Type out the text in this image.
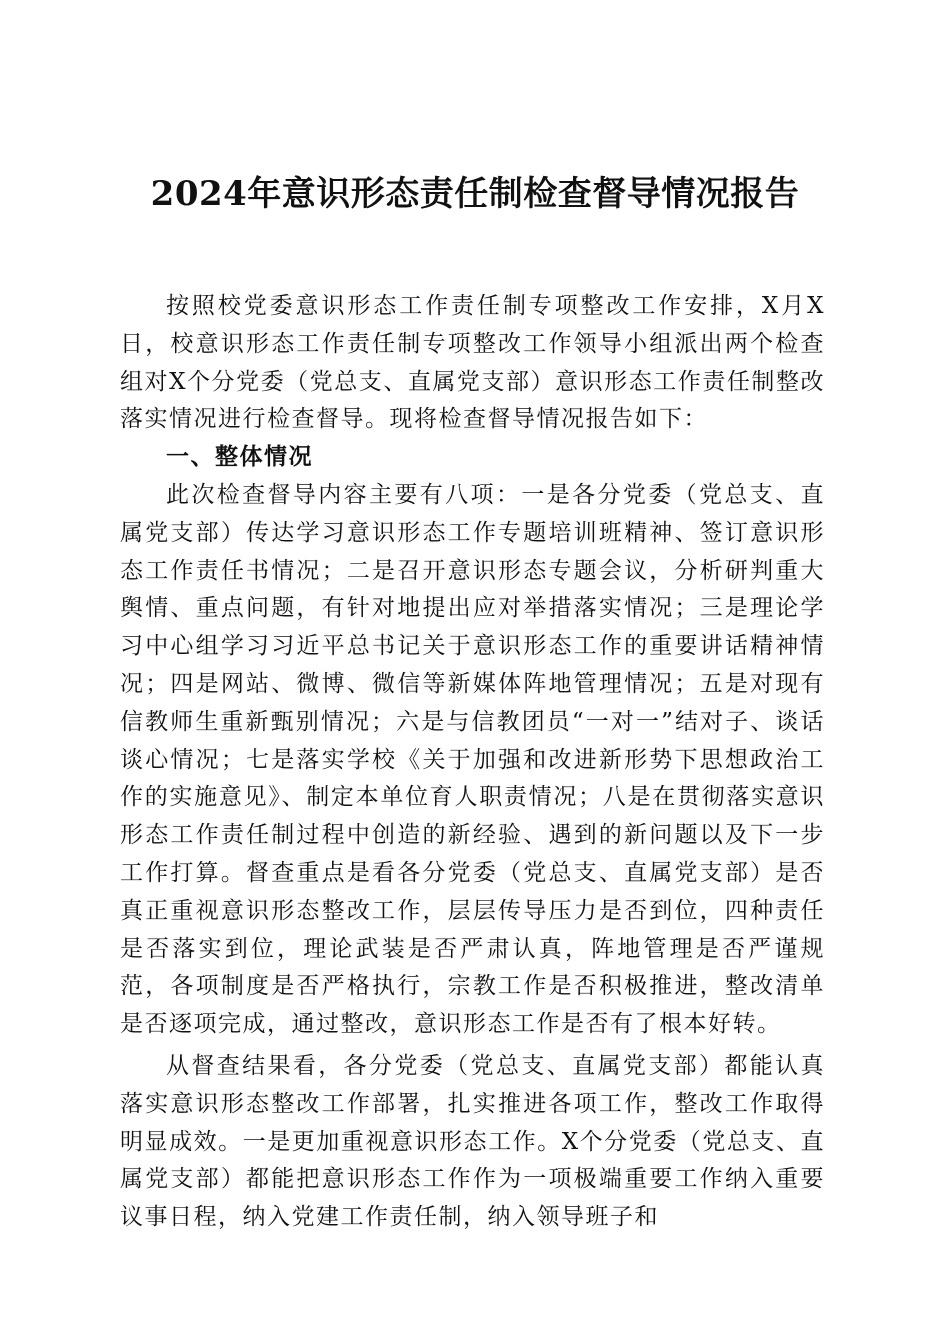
2024年意识形态责任制检查督导情况报告

按照校党委意识形态工作责任制专项整改工作安排，X月X日，校意识形态工作责任制专项整改工作领导小组派出两个检查组对X个分党委（党总支、直属党支部）意识形态工作责任制整改落实情况进行检查督导。现将检查督导情况报告如下：

一、整体情况

此次检查督导内容主要有八项：一是各分党委（党总支、直属党支部）传达学习意识形态工作专题培训班精神、签订意识形态工作责任书情况；二是召开意识形态专题会议，分析研判重大舆情、重点问题，有针对地提出应对举措落实情况；三是理论学习中心组学习习近平总书记关于意识形态工作的重要讲话精神情况；四是网站、微博、微信等新媒体阵地管理情况；五是对现有信教师生重新甄别情况；六是与信教团员“一对一”结对子、谈话谈心情况；七是落实学校《关于加强和改进新形势下思想政治工作的实施意见》、制定本单位育人职责情况；八是在贯彻落实意识形态工作责任制过程中创造的新经验、遇到的新问题以及下一步工作打算。督查重点是看各分党委（党总支、直属党支部）是否真正重视意识形态整改工作，层层传导压力是否到位，四种责任是否落实到位，理论武装是否严肃认真，阵地管理是否严谨规范，各项制度是否严格执行，宗教工作是否积极推进，整改清单是否逐项完成，通过整改，意识形态工作是否有了根本好转。

从督查结果看，各分党委（党总支、直属党支部）都能认真落实意识形态整改工作部署，扎实推进各项工作，整改工作取得明显成效。一是更加重视意识形态工作。X个分党委（党总支、直属党支部）都能把意识形态工作作为一项极端重要工作纳入重要议事日程，纳入党建工作责任制，纳入领导班子和
